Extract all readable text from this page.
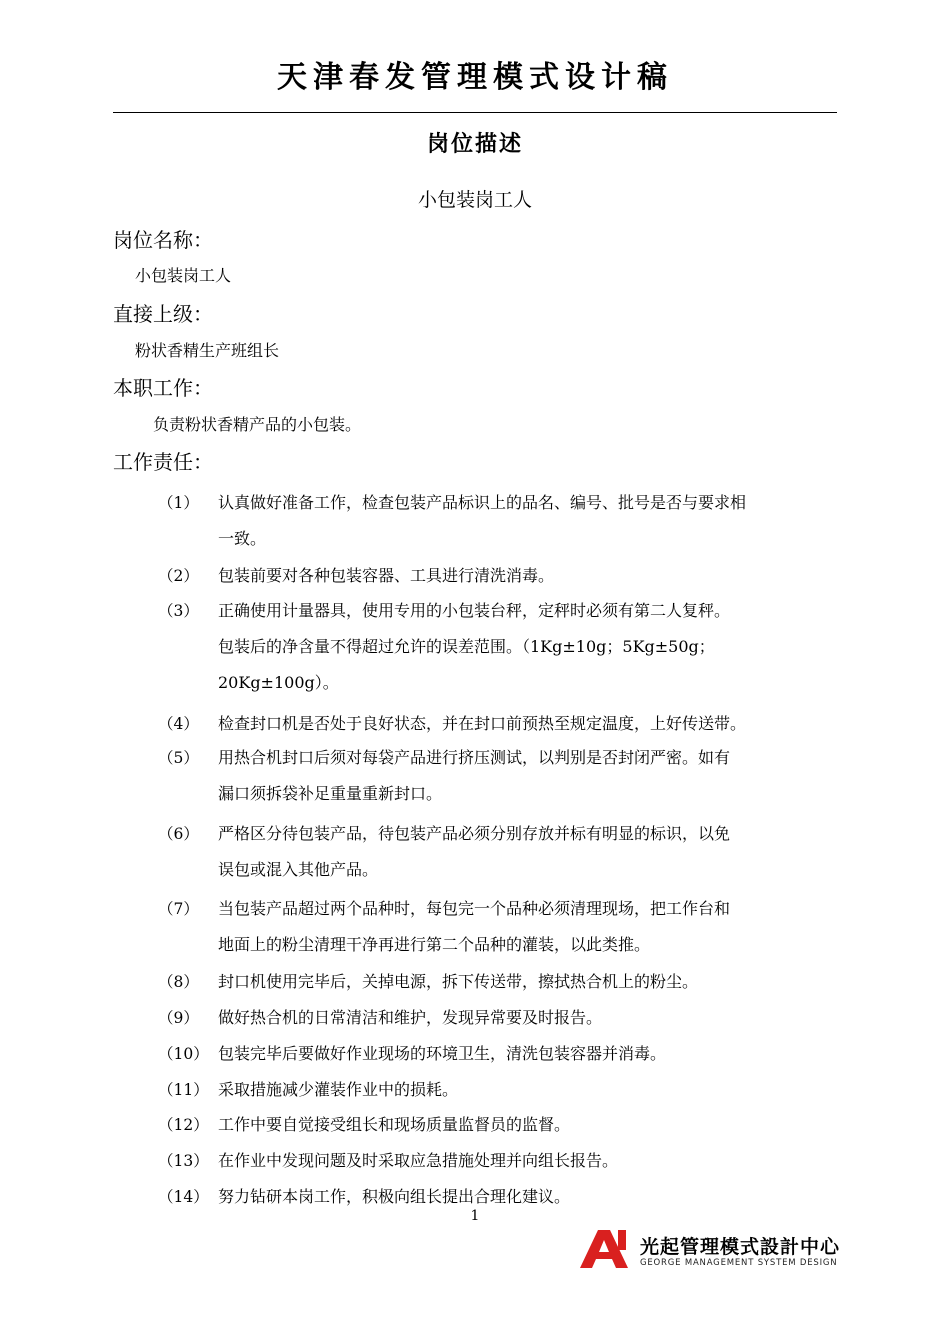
天津春发管理模式设计稿
岗位描述
小包装岗工人
岗位名称：
小包装岗工人
直接上级：
粉状香精生产班组长
本职工作：
负责粉状香精产品的小包装。
工作责任：
（1） 认真做好准备工作，检查包装产品标识上的品名、编号、批号是否与要求相
一致。
（2） 包装前要对各种包装容器、工具进行清洗消毒。
（3） 正确使用计量器具，使用专用的小包装台秤，定秤时必须有第二人复秤。
包装后的净含量不得超过允许的误差范围。（1Kg±10g；5Kg±50g；
20Kg±100g）。
（4） 检查封口机是否处于良好状态，并在封口前预热至规定温度，上好传送带。
（5） 用热合机封口后须对每袋产品进行挤压测试，以判别是否封闭严密。如有
漏口须拆袋补足重量重新封口。
（6） 严格区分待包装产品，待包装产品必须分别存放并标有明显的标识，以免
误包或混入其他产品。
（7） 当包装产品超过两个品种时，每包完一个品种必须清理现场，把工作台和
地面上的粉尘清理干净再进行第二个品种的灌装，以此类推。
（8） 封口机使用完毕后，关掉电源，拆下传送带，擦拭热合机上的粉尘。
（9） 做好热合机的日常清洁和维护，发现异常要及时报告。
（10） 包装完毕后要做好作业现场的环境卫生，清洗包装容器并消毒。
（11） 采取措施减少灌装作业中的损耗。
（12） 工作中要自觉接受组长和现场质量监督员的监督。
（13） 在作业中发现问题及时采取应急措施处理并向组长报告。
（14） 努力钻研本岗工作，积极向组长提出合理化建议。
1
光起管理模式設計中心
GEORGE MANAGEMENT SYSTEM DESIGN
